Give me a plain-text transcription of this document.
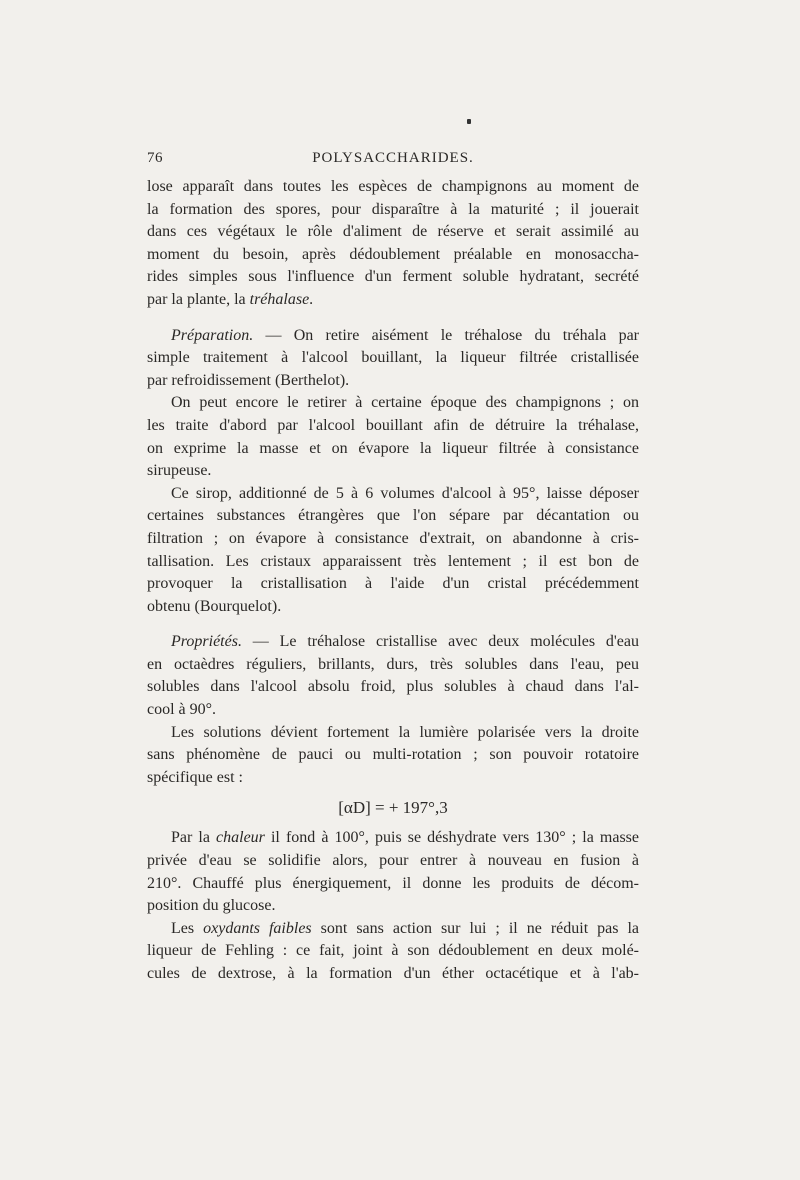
76	POLYSACCHARIDES.
lose apparaît dans toutes les espèces de champignons au moment de
la formation des spores, pour disparaître à la maturité ; il jouerait
dans ces végétaux le rôle d'aliment de réserve et serait assimilé au
moment du besoin, après dédoublement préalable en monosaccha-
rides simples sous l'influence d'un ferment soluble hydratant, secrété
par la plante, la tréhalase.
Préparation. — On retire aisément le tréhalose du tréhala par
simple traitement à l'alcool bouillant, la liqueur filtrée cristallisée
par refroidissement (Berthelot).
On peut encore le retirer à certaine époque des champignons ; on
les traite d'abord par l'alcool bouillant afin de détruire la tréhalase,
on exprime la masse et on évapore la liqueur filtrée à consistance
sirupeuse.
Ce sirop, additionné de 5 à 6 volumes d'alcool à 95°, laisse déposer
certaines substances étrangères que l'on sépare par décantation ou
filtration ; on évapore à consistance d'extrait, on abandonne à cris-
tallisation. Les cristaux apparaissent très lentement ; il est bon de
provoquer la cristallisation à l'aide d'un cristal précédemment
obtenu (Bourquelot).
Propriétés. — Le tréhalose cristallise avec deux molécules d'eau
en octaèdres réguliers, brillants, durs, très solubles dans l'eau, peu
solubles dans l'alcool absolu froid, plus solubles à chaud dans l'al-
cool à 90°.
Les solutions dévient fortement la lumière polarisée vers la droite
sans phénomène de pauci ou multi-rotation ; son pouvoir rotatoire
spécifique est :
[αD] = + 197°,3
Par la chaleur il fond à 100°, puis se déshydrate vers 130° ; la masse
privée d'eau se solidifie alors, pour entrer à nouveau en fusion à
210°. Chauffé plus énergiquement, il donne les produits de décom-
position du glucose.
Les oxydants faibles sont sans action sur lui ; il ne réduit pas la
liqueur de Fehling : ce fait, joint à son dédoublement en deux molé-
cules de dextrose, à la formation d'un éther octacétique et à l'ab-
